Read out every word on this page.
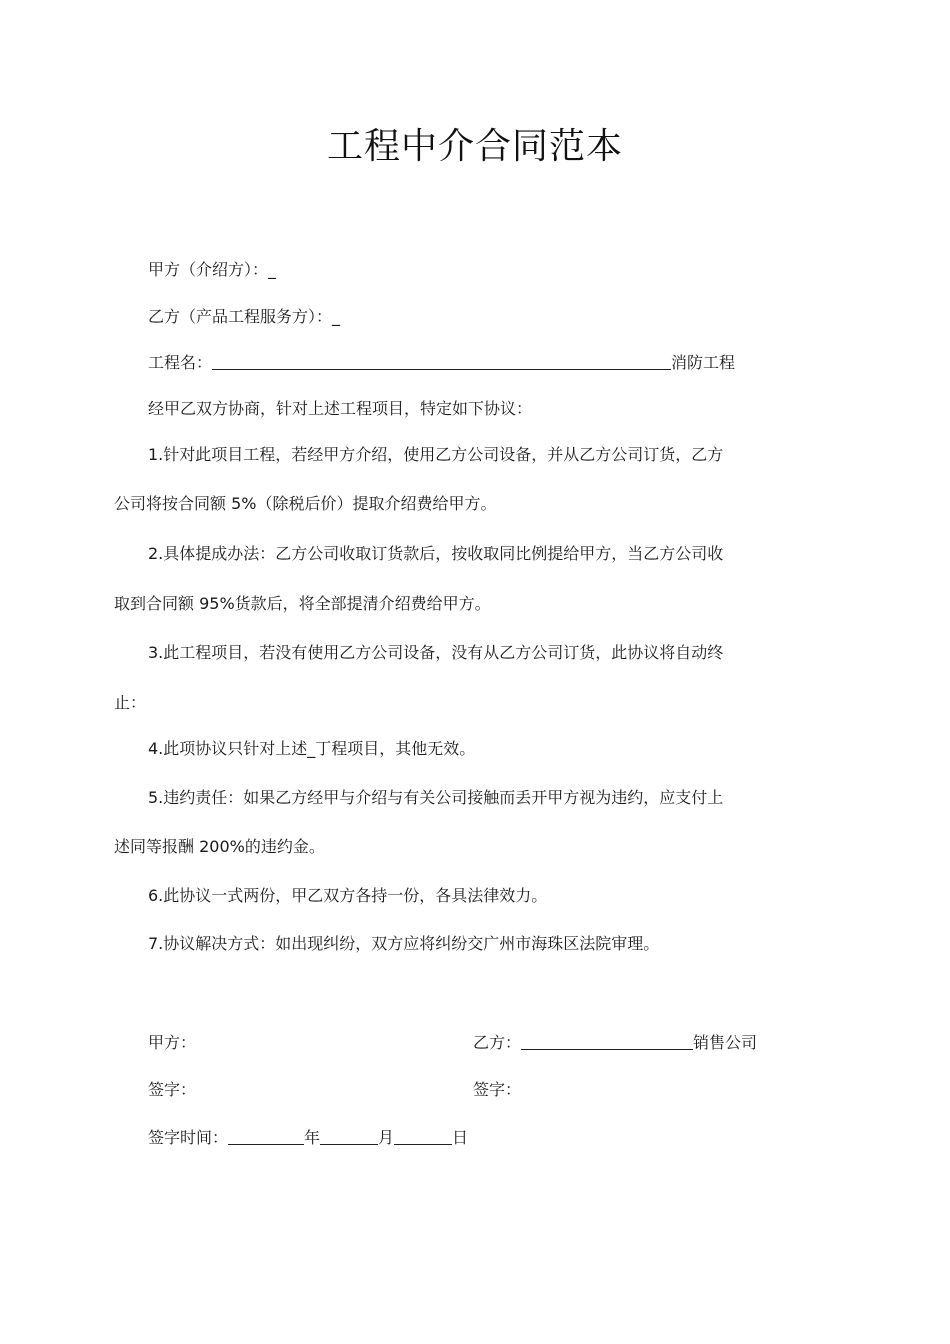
工程中介合同范本
甲方（介绍方）：_
乙方（产品工程服务方）：_
工程名：	消防工程
经甲乙双方协商，针对上述工程项目，特定如下协议：
1.针对此项目工程，若经甲方介绍，使用乙方公司设备，并从乙方公司订货，乙方
公司将按合同额 5%（除税后价）提取介绍费给甲方。
2.具体提成办法：乙方公司收取订货款后，按收取同比例提给甲方，当乙方公司收
取到合同额 95%货款后，将全部提清介绍费给甲方。
3.此工程项目，若没有使用乙方公司设备，没有从乙方公司订货，此协议将自动终
止：
4.此项协议只针对上述_丁程项目，其他无效。
5.违约责任：如果乙方经甲与介绍与有关公司接触而丢开甲方视为违约，应支付上
述同等报酬 200%的违约金。
6.此协议一式两份，甲乙双方各持一份，各具法律效力。
7.协议解决方式：如出现纠纷，双方应将纠纷交广州市海珠区法院审理。
甲方：	乙方：	销售公司
签字：	签字：
签字时间：	年	月	日
